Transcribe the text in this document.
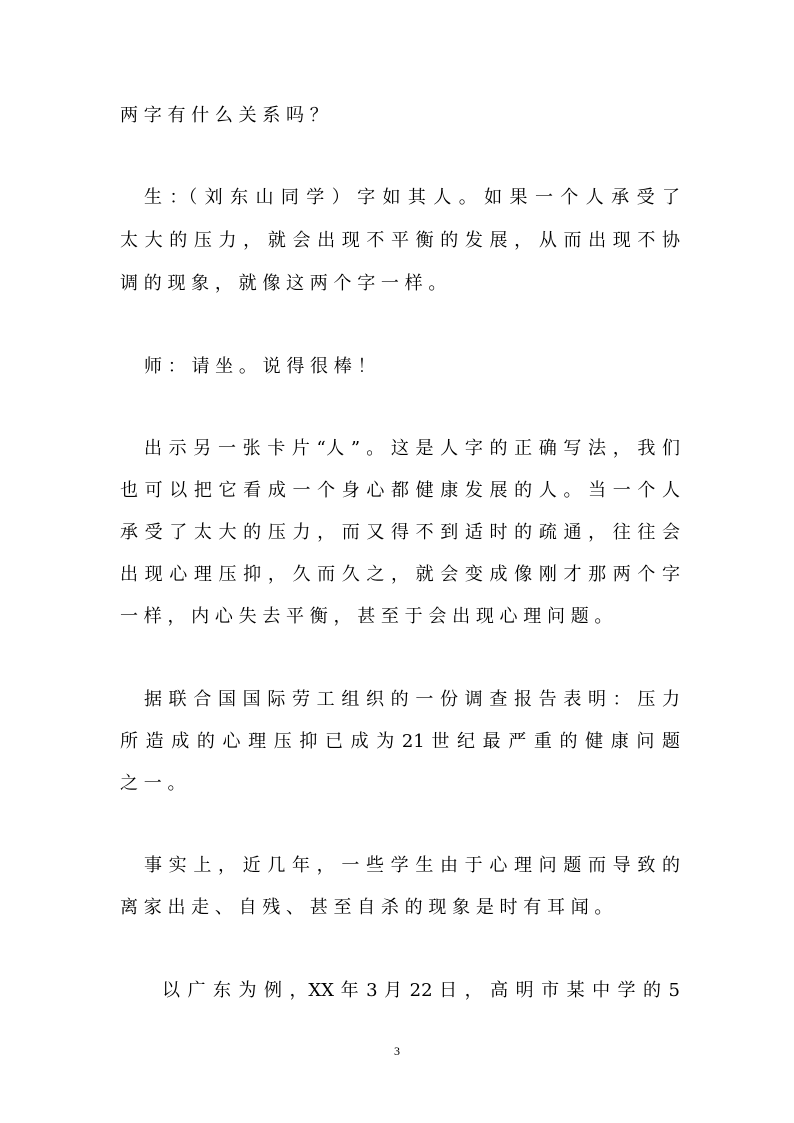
两 字 有 什 么 关 系 吗 ？
生 ：（ 刘 东 山 同 学 ） 字 如 其 人 。 如 果 一 个 人 承 受 了
太 大 的 压 力 ， 就 会 出 现 不 平 衡 的 发 展 ， 从 而 出 现 不 协
调 的 现 象 ， 就 像 这 两 个 字 一 样 。
师 ： 请 坐 。 说 得 很 棒 ！
出 示 另 一 张 卡 片 “人 ” 。 这 是 人 字 的 正 确 写 法 ， 我 们
也 可 以 把 它 看 成 一 个 身 心 都 健 康 发 展 的 人 。 当 一 个 人
承 受 了 太 大 的 压 力 ， 而 又 得 不 到 适 时 的 疏 通 ， 往 往 会
出 现 心 理 压 抑 ， 久 而 久 之 ， 就 会 变 成 像 刚 才 那 两 个 字
一 样 ， 内 心 失 去 平 衡 ， 甚 至 于 会 出 现 心 理 问 题 。
据 联 合 国 国 际 劳 工 组 织 的 一 份 调 查 报 告 表 明 ： 压 力
所 造 成 的 心 理 压 抑 已 成 为 21 世 纪 最 严 重 的 健 康 问 题
之 一 。
事 实 上 ， 近 几 年 ， 一 些 学 生 由 于 心 理 问 题 而 导 致 的
离 家 出 走 、 自 残 、 甚 至 自 杀 的 现 象 是 时 有 耳 闻 。
以 广 东 为 例 ，XX 年 3 月 22 日 ， 高 明 市 某 中 学 的 5
3
